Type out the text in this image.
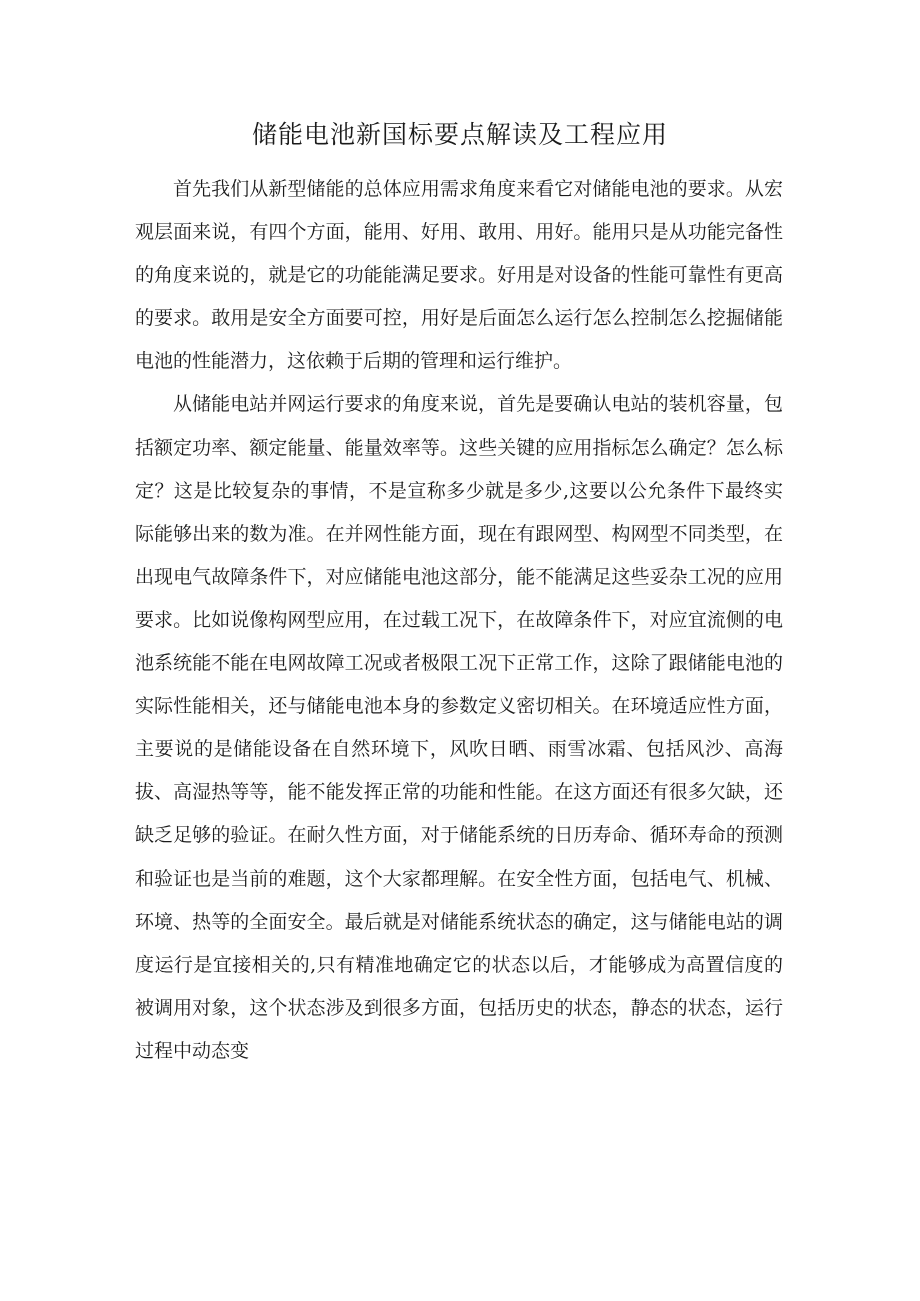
储能电池新国标要点解读及工程应用

首先我们从新型储能的总体应用需求角度来看它对储能电池的要求。从宏观层面来说，有四个方面，能用、好用、敢用、用好。能用只是从功能完备性的角度来说的，就是它的功能能满足要求。好用是对设备的性能可靠性有更高的要求。敢用是安全方面要可控，用好是后面怎么运行怎么控制怎么挖掘储能电池的性能潜力，这依赖于后期的管理和运行维护。

从储能电站并网运行要求的角度来说，首先是要确认电站的装机容量，包括额定功率、额定能量、能量效率等。这些关键的应用指标怎么确定？怎么标定？这是比较复杂的事情，不是宣称多少就是多少,这要以公允条件下最终实际能够出来的数为准。在并网性能方面，现在有跟网型、构网型不同类型，在出现电气故障条件下，对应储能电池这部分，能不能满足这些妥杂工况的应用要求。比如说像构网型应用，在过载工况下，在故障条件下，对应宜流侧的电池系统能不能在电网故障工况或者极限工况下正常工作，这除了跟储能电池的实际性能相关，还与储能电池本身的参数定义密切相关。在环境适应性方面，主要说的是储能设备在自然环境下，风吹日晒、雨雪冰霜、包括风沙、高海拔、高湿热等等，能不能发挥正常的功能和性能。在这方面还有很多欠缺，还缺乏足够的验证。在耐久性方面，对于储能系统的日历寿命、循环寿命的预测和验证也是当前的难题，这个大家都理解。在安全性方面，包括电气、机械、环境、热等的全面安全。最后就是对储能系统状态的确定，这与储能电站的调度运行是宜接相关的,只有精准地确定它的状态以后，才能够成为高置信度的被调用对象，这个状态涉及到很多方面，包括历史的状态，静态的状态，运行过程中动态变
